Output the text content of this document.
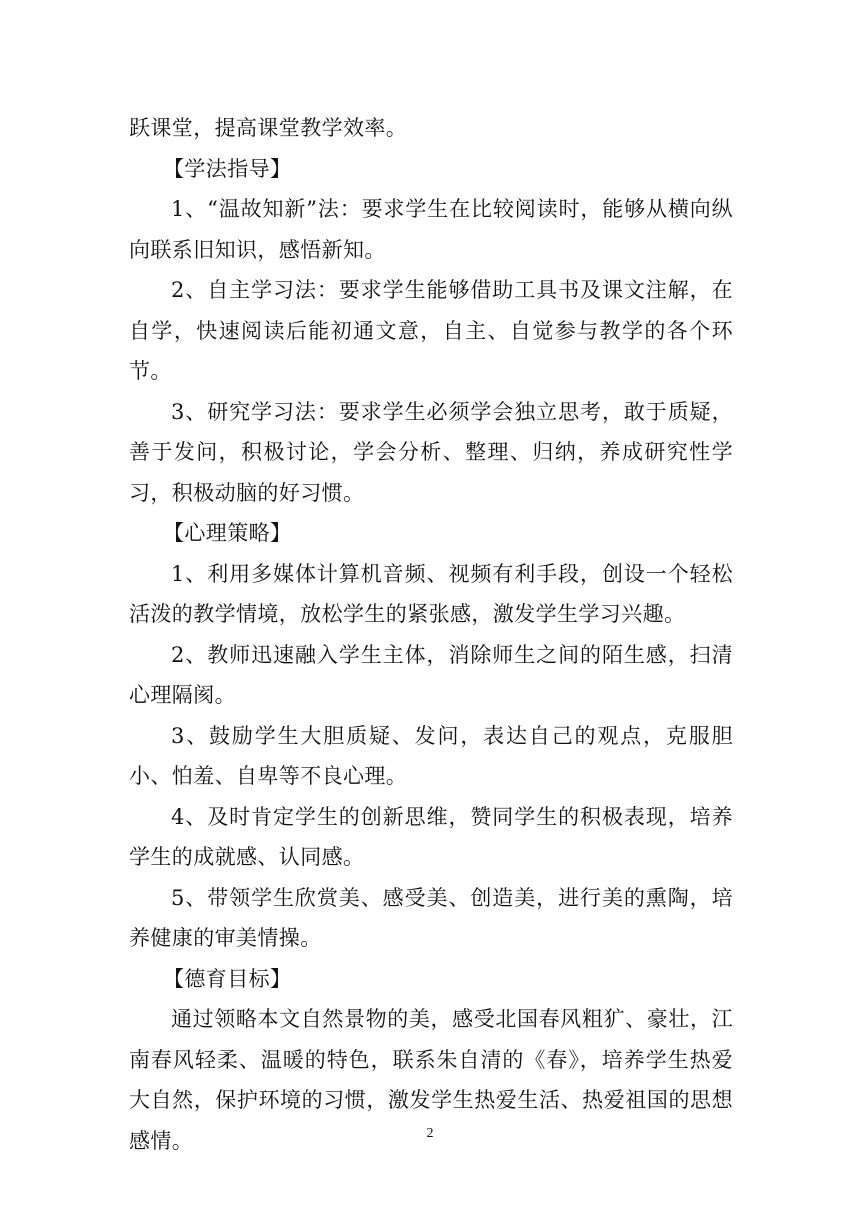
跃课堂，提高课堂教学效率。

【学法指导】

1、“温故知新”法：要求学生在比较阅读时，能够从横向纵向联系旧知识，感悟新知。

2、自主学习法：要求学生能够借助工具书及课文注解，在自学，快速阅读后能初通文意，自主、自觉参与教学的各个环节。

3、研究学习法：要求学生必须学会独立思考，敢于质疑，善于发问，积极讨论，学会分析、整理、归纳，养成研究性学习，积极动脑的好习惯。

【心理策略】

1、利用多媒体计算机音频、视频有利手段，创设一个轻松活泼的教学情境，放松学生的紧张感，激发学生学习兴趣。

2、教师迅速融入学生主体，消除师生之间的陌生感，扫清心理隔阂。

3、鼓励学生大胆质疑、发问，表达自己的观点，克服胆小、怕羞、自卑等不良心理。

4、及时肯定学生的创新思维，赞同学生的积极表现，培养学生的成就感、认同感。

5、带领学生欣赏美、感受美、创造美，进行美的熏陶，培养健康的审美情操。

【德育目标】

通过领略本文自然景物的美，感受北国春风粗犷、豪壮，江南春风轻柔、温暖的特色，联系朱自清的《春》，培养学生热爱大自然，保护环境的习惯，激发学生热爱生活、热爱祖国的思想感情。	2
